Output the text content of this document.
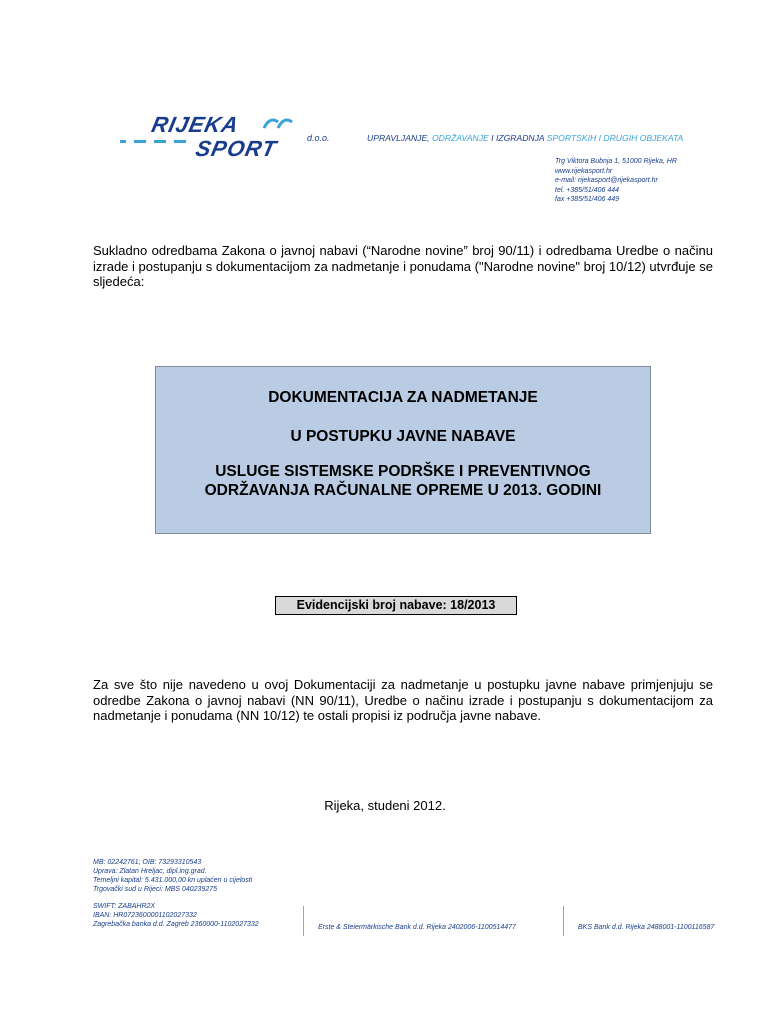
RIJEKA
SPORT	d.o.o.	UPRAVLJANJE, ODRŽAVANJE I IZGRADNJA SPORTSKIH I DRUGIH OBJEKATA
Trg Viktora Bubnja 1, 51000 Rijeka, HR
www.rijekasport.hr
e-mail: rijekasport@rijekasport.hr
tel. +385/51/406 444
fax +385/51/406 449
Sukladno odredbama Zakona o javnoj nabavi (“Narodne novine” broj 90/11) i odredbama Uredbe o načinu izrade i postupanju s dokumentacijom za nadmetanje i ponudama ("Narodne novine" broj 10/12) utvrđuje se sljedeća:
DOKUMENTACIJA ZA NADMETANJE
U POSTUPKU JAVNE NABAVE
USLUGE SISTEMSKE PODRŠKE I PREVENTIVNOG
ODRŽAVANJA RAČUNALNE OPREME U 2013. GODINI
Evidencijski broj nabave: 18/2013
Za sve što nije navedeno u ovoj Dokumentaciji za nadmetanje u postupku javne nabave primjenjuju se odredbe Zakona o javnoj nabavi (NN 90/11), Uredbe o načinu izrade i postupanju s dokumentacijom za nadmetanje i ponudama (NN 10/12) te ostali propisi iz područja javne nabave.
Rijeka, studeni 2012.
MB: 02242761; OIB: 73293310543
Uprava: Zlatan Hreljac, dipl.ing.grad.
Temeljni kapital: 5.431.000,00 kn uplaćen u cijelosti
Trgovački sud u Rijeci: MBS 040239275
SWIFT: ZABAHR2X
IBAN: HR0723600001102027332
Zagrebačka banka d.d. Zagreb 2360000-1102027332	Erste & Steiermärkische Bank d.d. Rijeka 2402006-1100514477	BKS Bank d.d. Rijeka 2488001-1100116587
